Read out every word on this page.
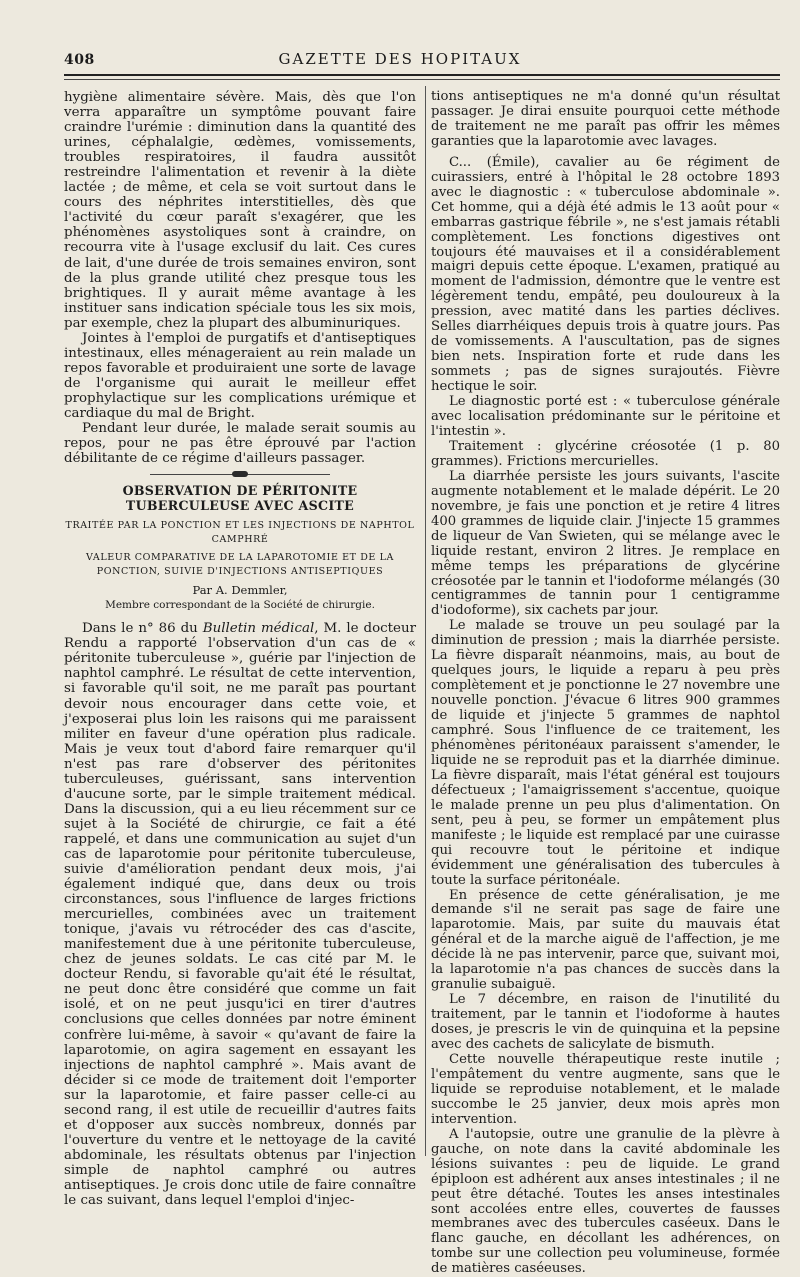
408	GAZETTE DES HOPITAUX

hygiène alimentaire sévère. Mais, dès que l'on verra apparaître un symptôme pouvant faire craindre l'urémie : diminution dans la quantité des urines, céphalalgie, œdèmes, vomissements, troubles respiratoires, il faudra aussitôt restreindre l'alimentation et revenir à la diète lactée ; de même, et cela se voit surtout dans le cours des néphrites interstitielles, dès que l'activité du cœur paraît s'exagérer, que les phénomènes asystoliques sont à craindre, on recourra vite à l'usage exclusif du lait. Ces cures de lait, d'une durée de trois semaines environ, sont de la plus grande utilité chez presque tous les brightiques. Il y aurait même avantage à les instituer sans indication spéciale tous les six mois, par exemple, chez la plupart des albuminuriques.

Jointes à l'emploi de purgatifs et d'antiseptiques intestinaux, elles ménageraient au rein malade un repos favorable et produiraient une sorte de lavage de l'organisme qui aurait le meilleur effet prophylactique sur les complications urémique et cardiaque du mal de Bright.

Pendant leur durée, le malade serait soumis au repos, pour ne pas être éprouvé par l'action débilitante de ce régime d'ailleurs passager.

OBSERVATION DE PÉRITONITE TUBERCULEUSE AVEC ASCITE
TRAITÉE PAR LA PONCTION ET LES INJECTIONS DE NAPHTOL CAMPHRÉ
VALEUR COMPARATIVE DE LA LAPAROTOMIE ET DE LA PONCTION, SUIVIE D'INJECTIONS ANTISEPTIQUES
Par A. Demmler,
Membre correspondant de la Société de chirurgie.

Dans le n° 86 du Bulletin médical, M. le docteur Rendu a rapporté l'observation d'un cas de « péritonite tuberculeuse », guérie par l'injection de naphtol camphré. Le résultat de cette intervention, si favorable qu'il soit, ne me paraît pas pourtant devoir nous encourager dans cette voie, et j'exposerai plus loin les raisons qui me paraissent militer en faveur d'une opération plus radicale. Mais je veux tout d'abord faire remarquer qu'il n'est pas rare d'observer des péritonites tuberculeuses, guérissant, sans intervention d'aucune sorte, par le simple traitement médical. Dans la discussion, qui a eu lieu récemment sur ce sujet à la Société de chirurgie, ce fait a été rappelé, et dans une communication au sujet d'un cas de laparotomie pour péritonite tuberculeuse, suivie d'amélioration pendant deux mois, j'ai également indiqué que, dans deux ou trois circonstances, sous l'influence de larges frictions mercurielles, combinées avec un traitement tonique, j'avais vu rétrocéder des cas d'ascite, manifestement due à une péritonite tuberculeuse, chez de jeunes soldats. Le cas cité par M. le docteur Rendu, si favorable qu'ait été le résultat, ne peut donc être considéré que comme un fait isolé, et on ne peut jusqu'ici en tirer d'autres conclusions que celles données par notre éminent confrère lui-même, à savoir « qu'avant de faire la laparotomie, on agira sagement en essayant les injections de naphtol camphré ». Mais avant de décider si ce mode de traitement doit l'emporter sur la laparotomie, et faire passer celle-ci au second rang, il est utile de recueillir d'autres faits et d'opposer aux succès nombreux, donnés par l'ouverture du ventre et le nettoyage de la cavité abdominale, les résultats obtenus par l'injection simple de naphtol camphré ou autres antiseptiques. Je crois donc utile de faire connaître le cas suivant, dans lequel l'emploi d'injec-

tions antiseptiques ne m'a donné qu'un résultat passager. Je dirai ensuite pourquoi cette méthode de traitement ne me paraît pas offrir les mêmes garanties que la laparotomie avec lavages.

C... (Émile), cavalier au 6e régiment de cuirassiers, entré à l'hôpital le 28 octobre 1893 avec le diagnostic : « tuberculose abdominale ». Cet homme, qui a déjà été admis le 13 août pour « embarras gastrique fébrile », ne s'est jamais rétabli complètement. Les fonctions digestives ont toujours été mauvaises et il a considérablement maigri depuis cette époque. L'examen, pratiqué au moment de l'admission, démontre que le ventre est légèrement tendu, empâté, peu douloureux à la pression, avec matité dans les parties déclives. Selles diarrhéiques depuis trois à quatre jours. Pas de vomissements. A l'auscultation, pas de signes bien nets. Inspiration forte et rude dans les sommets ; pas de signes surajoutés. Fièvre hectique le soir.

Le diagnostic porté est : « tuberculose générale avec localisation prédominante sur le péritoine et l'intestin ».

Traitement : glycérine créosotée (1 p. 80 grammes). Frictions mercurielles.

La diarrhée persiste les jours suivants, l'ascite augmente notablement et le malade dépérit. Le 20 novembre, je fais une ponction et je retire 4 litres 400 grammes de liquide clair. J'injecte 15 grammes de liqueur de Van Swieten, qui se mélange avec le liquide restant, environ 2 litres. Je remplace en même temps les préparations de glycérine créosotée par le tannin et l'iodoforme mélangés (30 centigrammes de tannin pour 1 centigramme d'iodoforme), six cachets par jour.

Le malade se trouve un peu soulagé par la diminution de pression ; mais la diarrhée persiste. La fièvre disparaît néanmoins, mais, au bout de quelques jours, le liquide a reparu à peu près complètement et je ponctionne le 27 novembre une nouvelle ponction. J'évacue 6 litres 900 grammes de liquide et j'injecte 5 grammes de naphtol camphré. Sous l'influence de ce traitement, les phénomènes péritonéaux paraissent s'amender, le liquide ne se reproduit pas et la diarrhée diminue. La fièvre disparaît, mais l'état général est toujours défectueux ; l'amaigrissement s'accentue, quoique le malade prenne un peu plus d'alimentation. On sent, peu à peu, se former un empâtement plus manifeste ; le liquide est remplacé par une cuirasse qui recouvre tout le péritoine et indique évidemment une généralisation des tubercules à toute la surface péritonéale.

En présence de cette généralisation, je me demande s'il ne serait pas sage de faire une laparotomie. Mais, par suite du mauvais état général et de la marche aiguë de l'affection, je me décide là ne pas intervenir, parce que, suivant moi, la laparotomie n'a pas chances de succès dans la granulie subaiguë.

Le 7 décembre, en raison de l'inutilité du traitement, par le tannin et l'iodoforme à hautes doses, je prescris le vin de quinquina et la pepsine avec des cachets de salicylate de bismuth.

Cette nouvelle thérapeutique reste inutile ; l'empâtement du ventre augmente, sans que le liquide se reproduise notablement, et le malade succombe le 25 janvier, deux mois après mon intervention.

A l'autopsie, outre une granulie de la plèvre à gauche, on note dans la cavité abdominale les lésions suivantes : peu de liquide. Le grand épiploon est adhérent aux anses intestinales ; il ne peut être détaché. Toutes les anses intestinales sont accolées entre elles, couvertes de fausses membranes avec des tubercules caséeux. Dans le flanc gauche, en décollant les adhérences, on tombe sur une collection peu volumineuse, formée de matières caséeuses.
